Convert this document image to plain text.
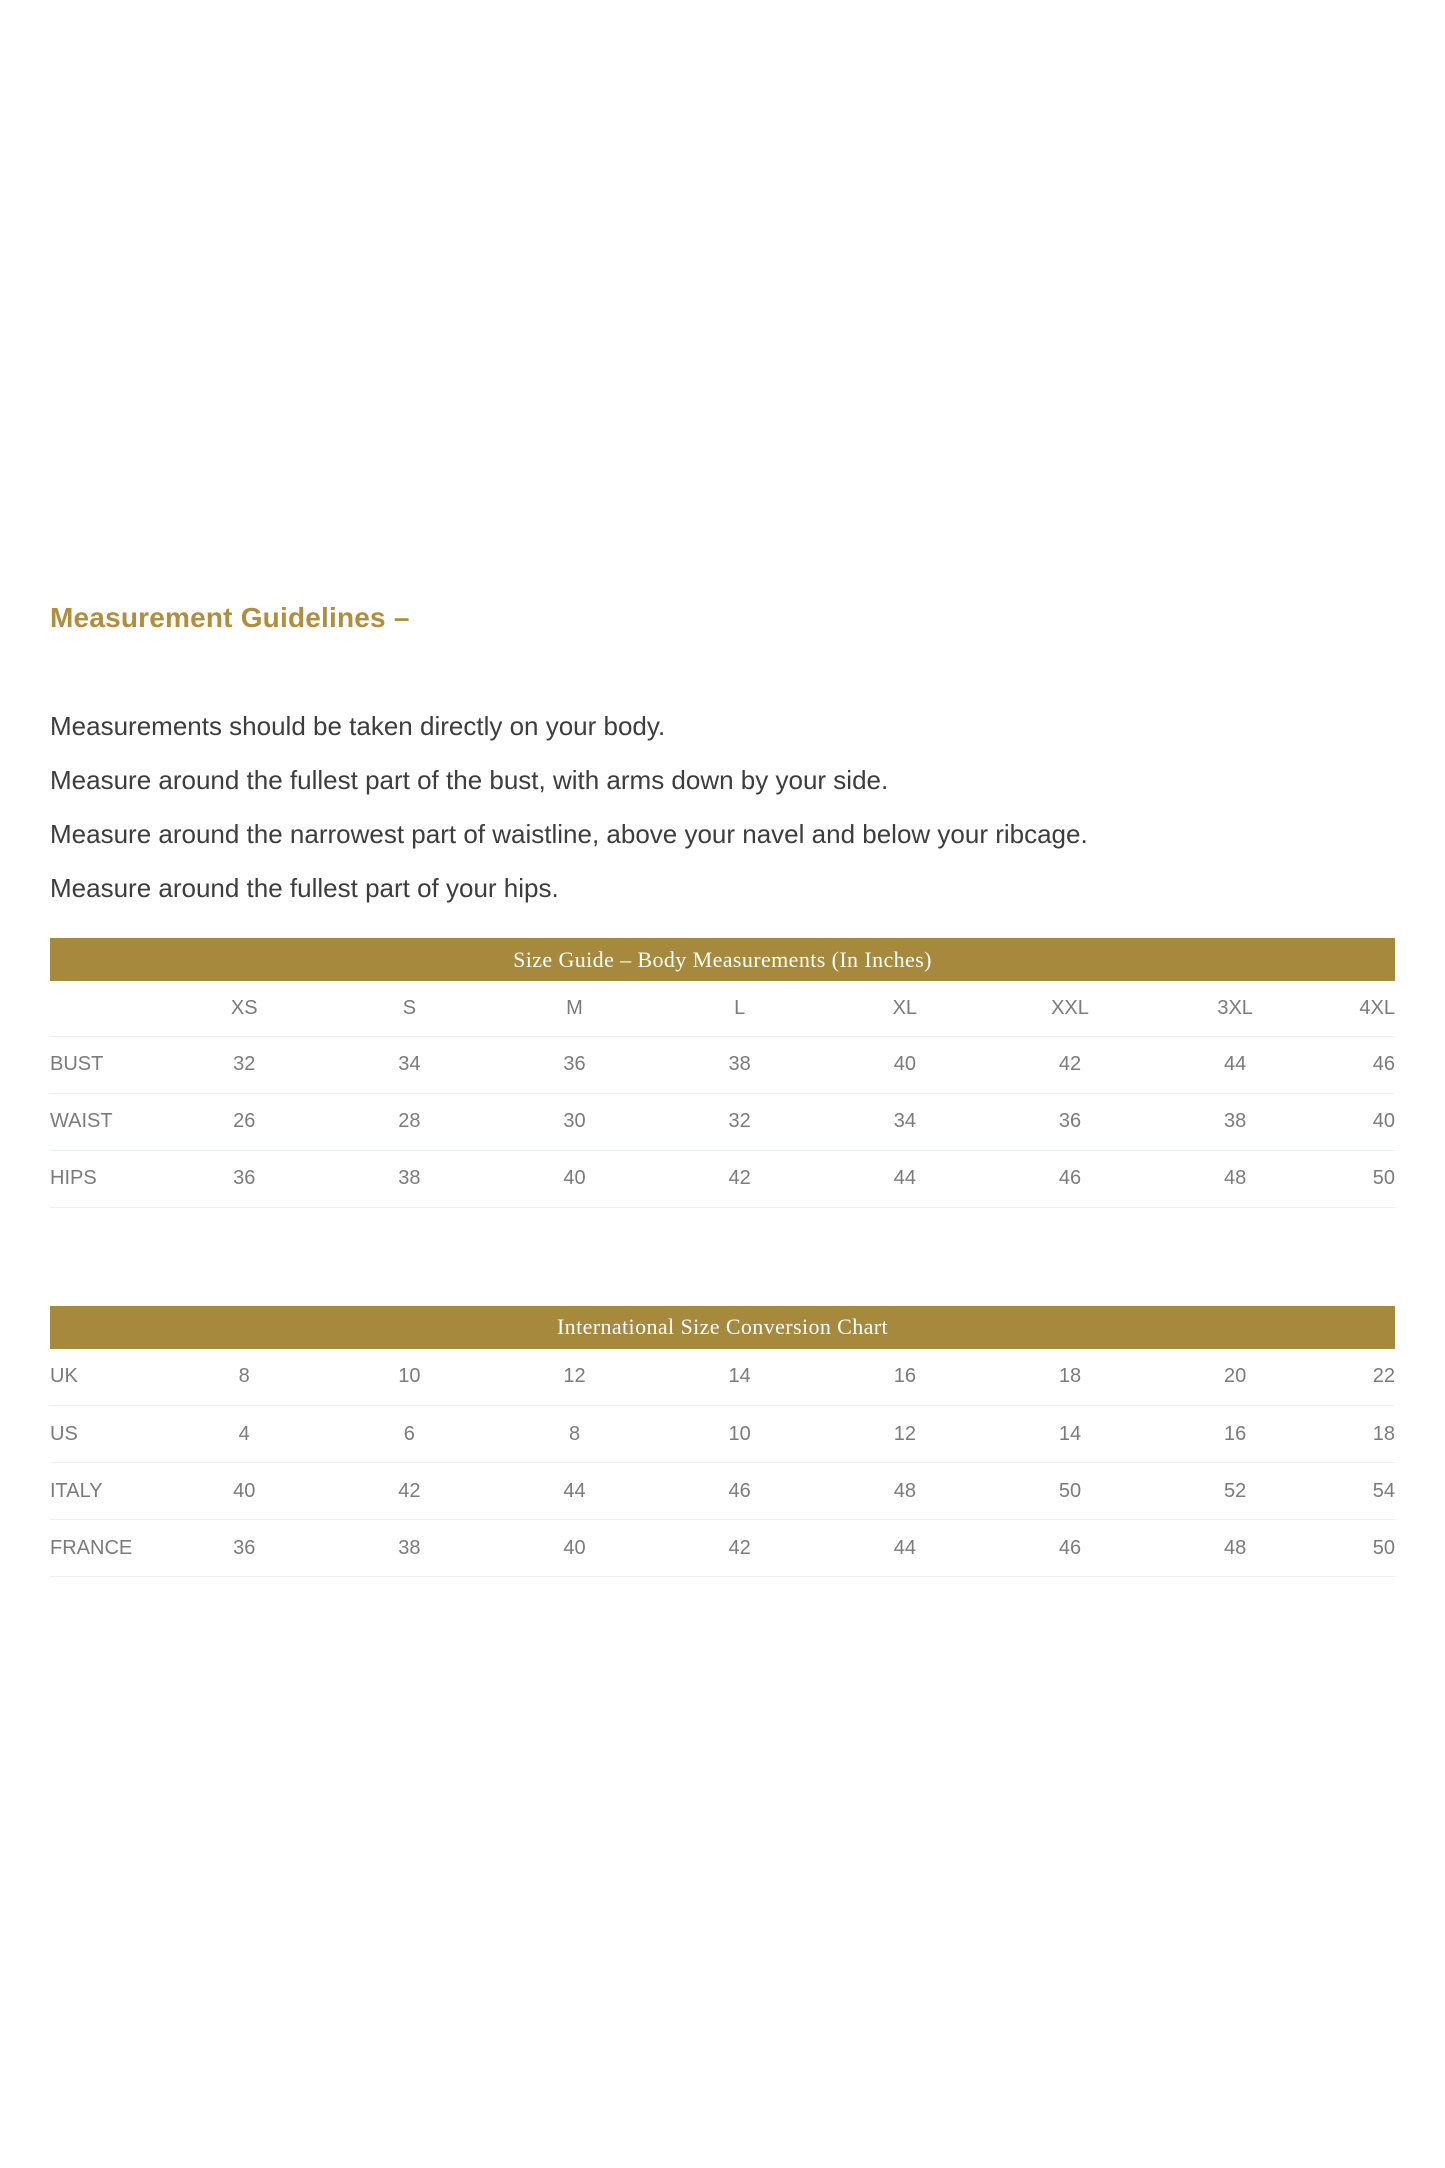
Measurement Guidelines –

Measurements should be taken directly on your body.

Measure around the fullest part of the bust, with arms down by your side.

Measure around the narrowest part of waistline, above your navel and below your ribcage.

Measure around the fullest part of your hips.

Size Guide – Body Measurements (In Inches)
	XS	S	M	L	XL	XXL	3XL	4XL
BUST	32	34	36	38	40	42	44	46
WAIST	26	28	30	32	34	36	38	40
HIPS	36	38	40	42	44	46	48	50
International Size Conversion Chart
UK	8	10	12	14	16	18	20	22
US	4	6	8	10	12	14	16	18
ITALY	40	42	44	46	48	50	52	54
FRANCE	36	38	40	42	44	46	48	50
